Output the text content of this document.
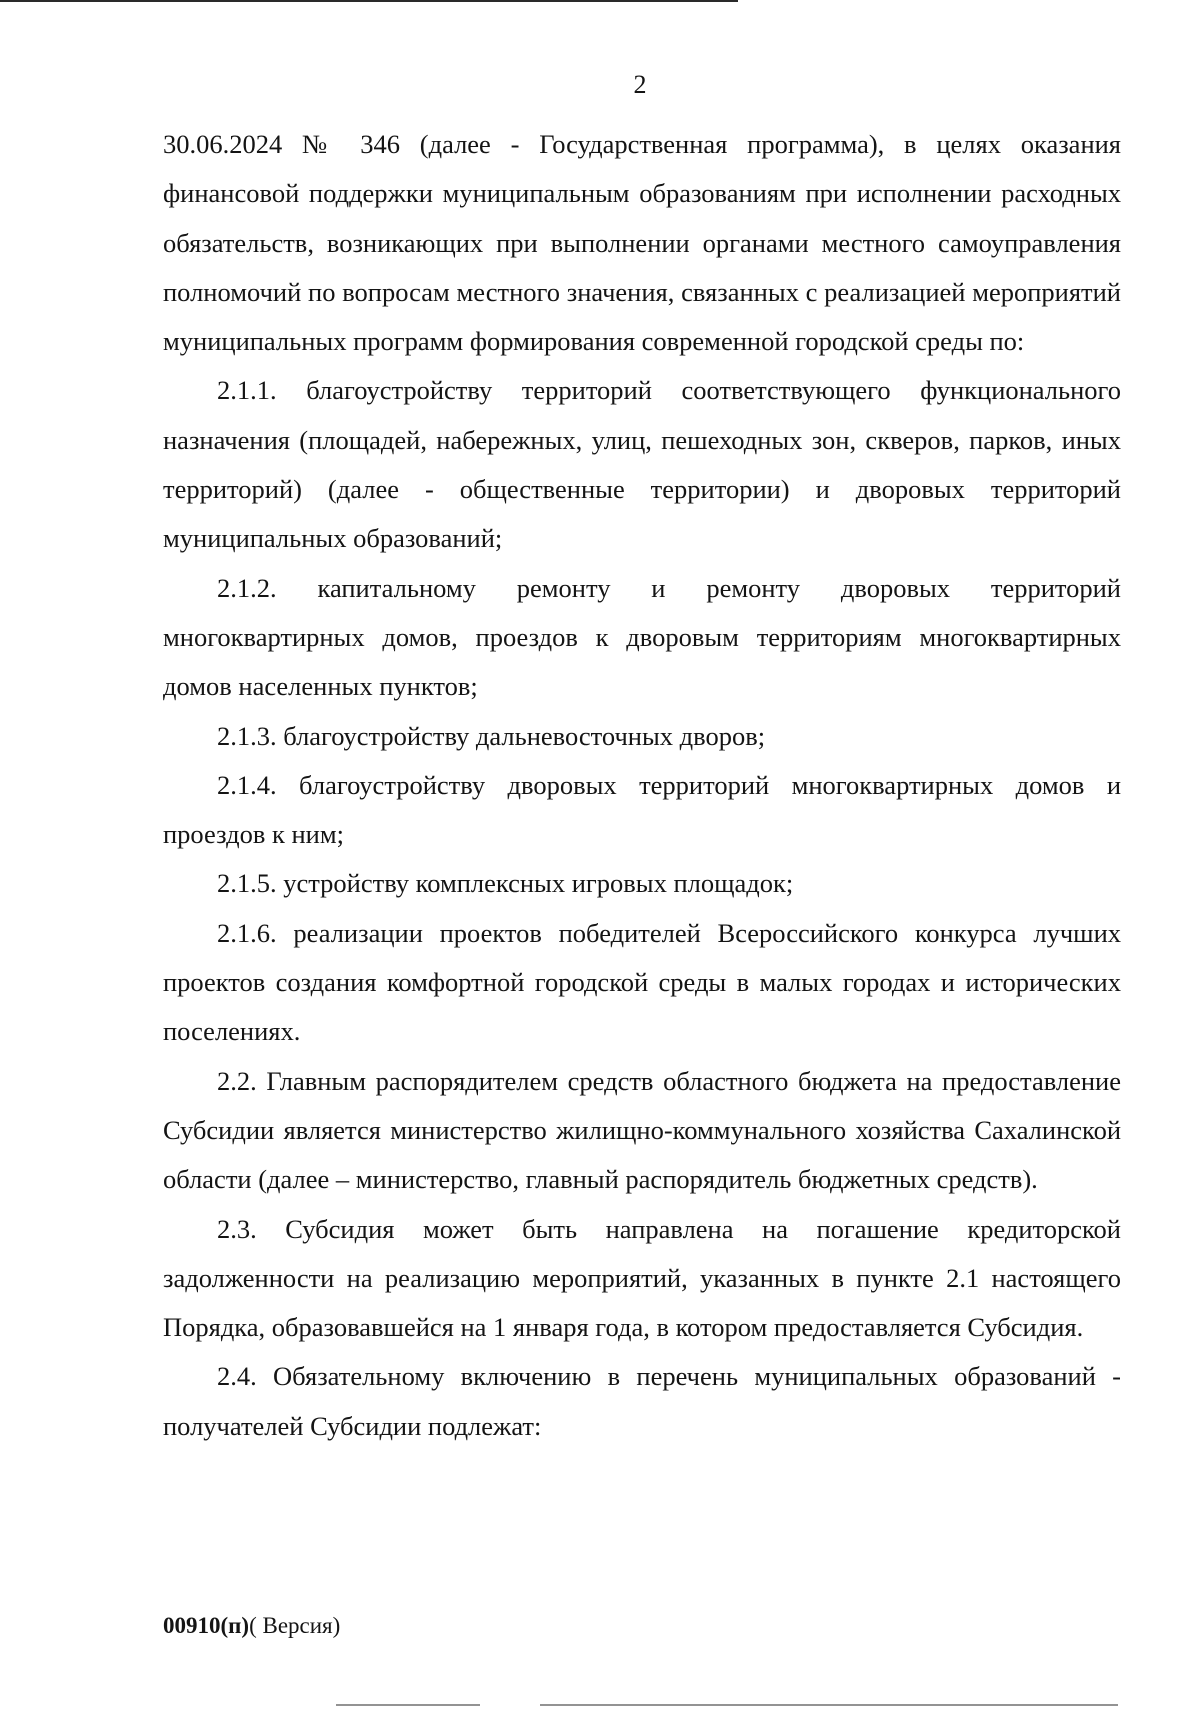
2

30.06.2024 № 346 (далее - Государственная программа), в целях оказания финансовой поддержки муниципальным образованиям при исполнении расходных обязательств, возникающих при выполнении органами местного самоуправления полномочий по вопросам местного значения, связанных с реализацией мероприятий муниципальных программ формирования современной городской среды по:

2.1.1. благоустройству территорий соответствующего функционального назначения (площадей, набережных, улиц, пешеходных зон, скверов, парков, иных территорий) (далее - общественные территории) и дворовых территорий муниципальных образований;

2.1.2. капитальному ремонту и ремонту дворовых территорий многоквартирных домов, проездов к дворовым территориям многоквартирных домов населенных пунктов;

2.1.3. благоустройству дальневосточных дворов;

2.1.4. благоустройству дворовых территорий многоквартирных домов и проездов к ним;

2.1.5. устройству комплексных игровых площадок;

2.1.6. реализации проектов победителей Всероссийского конкурса лучших проектов создания комфортной городской среды в малых городах и исторических поселениях.

2.2. Главным распорядителем средств областного бюджета на предоставление Субсидии является министерство жилищно-коммунального хозяйства Сахалинской области (далее – министерство, главный распорядитель бюджетных средств).

2.3. Субсидия может быть направлена на погашение кредиторской задолженности на реализацию мероприятий, указанных в пункте 2.1 настоящего Порядка, образовавшейся на 1 января года, в котором предоставляется Субсидия.

2.4. Обязательному включению в перечень муниципальных образований - получателей Субсидии подлежат:

00910(п)( Версия)
